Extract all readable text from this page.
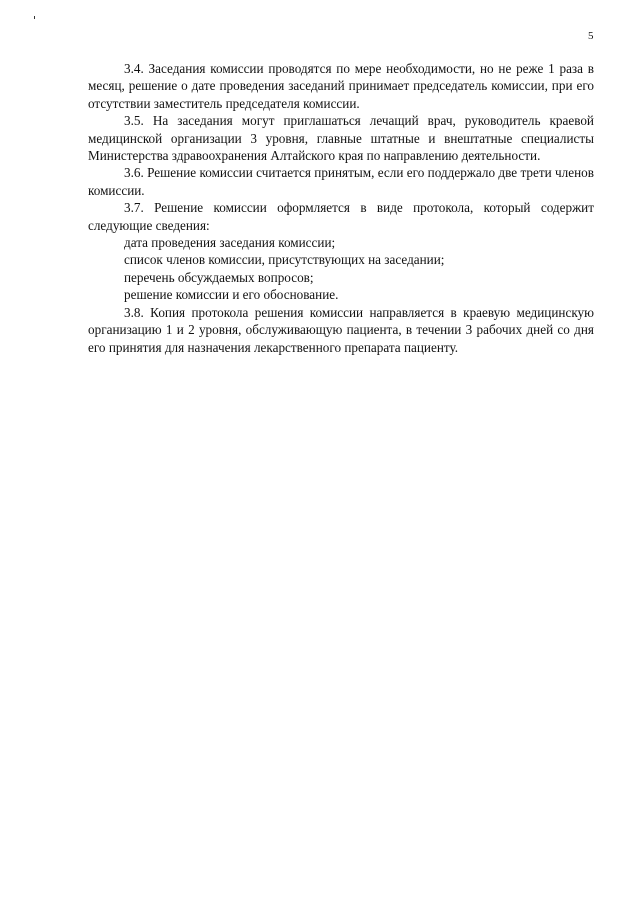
5

3.4. Заседания комиссии проводятся по мере необходимости, но не реже 1 раза в месяц, решение о дате проведения заседаний принимает председатель комиссии, при его отсутствии заместитель председателя комиссии.

3.5. На заседания могут приглашаться лечащий врач, руководитель краевой медицинской организации 3 уровня, главные штатные и внештатные специалисты Министерства здравоохранения Алтайского края по направлению деятельности.

3.6. Решение комиссии считается принятым, если его поддержало две трети членов комиссии.

3.7. Решение комиссии оформляется в виде протокола, который содержит следующие сведения:

дата проведения заседания комиссии;

список членов комиссии, присутствующих на заседании;

перечень обсуждаемых вопросов;

решение комиссии и его обоснование.

3.8. Копия протокола решения комиссии направляется в краевую медицинскую организацию 1 и 2 уровня, обслуживающую пациента, в течении 3 рабочих дней со дня его принятия для назначения лекарственного препарата пациенту.
